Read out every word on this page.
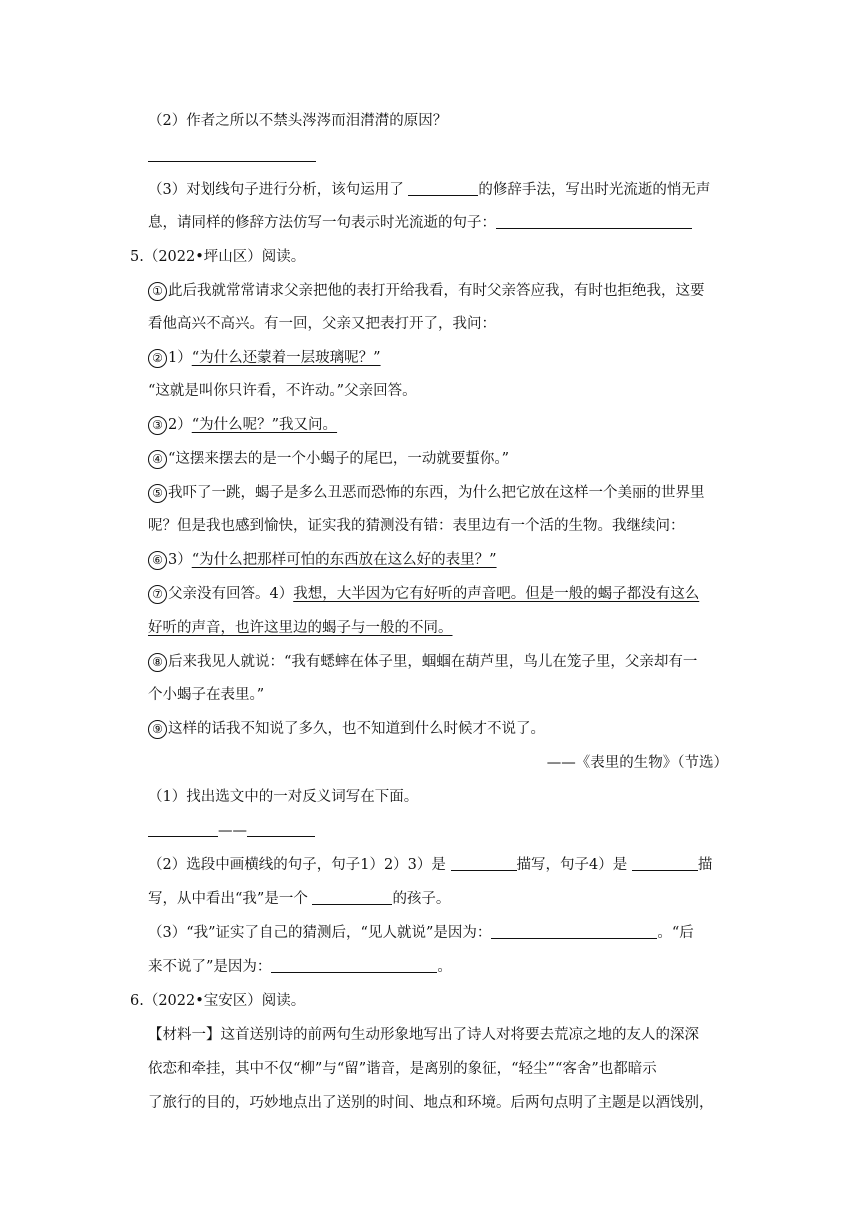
（2）作者之所以不禁头涔涔而泪潸潸的原因？
（3）对划线句子进行分析，该句运用了	的修辞手法，写出时光流逝的悄无声
息，请同样的修辞方法仿写一句表示时光流逝的句子：
5.（2022•坪山区）阅读。
① 此后我就常常请求父亲把他的表打开给我看，有时父亲答应我，有时也拒绝我，这要
看他高兴不高兴。有一回，父亲又把表打开了，我问：
② 1）“为什么还蒙着一层玻璃呢？”
“这就是叫你只许看，不许动。”父亲回答。
③ 2）“为什么呢？”我又问。
④ “这摆来摆去的是一个小蝎子的尾巴，一动就要蜇你。”
⑤ 我吓了一跳，蝎子是多么丑恶而恐怖的东西，为什么把它放在这样一个美丽的世界里
呢？但是我也感到愉快，证实我的猜测没有错：表里边有一个活的生物。我继续问：
⑥ 3）“为什么把那样可怕的东西放在这么好的表里？”
⑦ 父亲没有回答。4）我想，大半因为它有好听的声音吧。但是一般的蝎子都没有这么
好听的声音，也许这里边的蝎子与一般的不同。
⑧ 后来我见人就说：“我有蟋蟀在体子里，蝈蝈在葫芦里，鸟儿在笼子里，父亲却有一
个小蝎子在表里。”
⑨ 这样的话我不知说了多久，也不知道到什么时候才不说了。
——《表里的生物》（节选）
（1）找出选文中的一对反义词写在下面。
——
（2）选段中画横线的句子，句子1）2）3）是	描写，句子4）是	描
写，从中看出“我”是一个	的孩子。
（3）“我”证实了自己的猜测后，“见人就说”是因为：	。“后
来不说了”是因为：	。
6.（2022•宝安区）阅读。
【材料一】这首送别诗的前两句生动形象地写出了诗人对将要去荒凉之地的友人的深深
依恋和牵挂，其中不仅“柳”与“留”谐音，是离别的象征，“轻尘”“客舍”也都暗示
了旅行的目的，巧妙地点出了送别的时间、地点和环境。后两句点明了主题是以酒饯别，
